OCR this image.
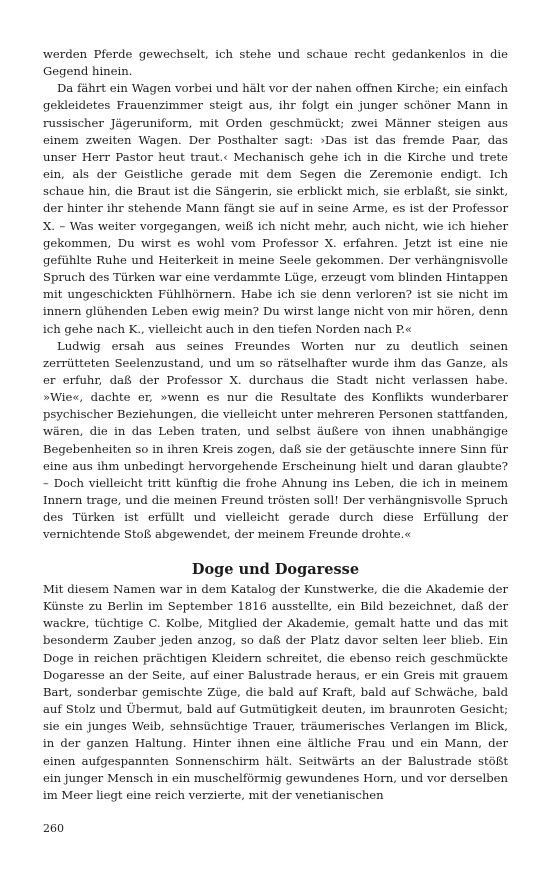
werden Pferde gewechselt, ich stehe und schaue recht gedankenlos in die Gegend hinein.

Da fährt ein Wagen vorbei und hält vor der nahen offnen Kirche; ein einfach gekleidetes Frauenzimmer steigt aus, ihr folgt ein junger schöner Mann in russischer Jägeruniform, mit Orden geschmückt; zwei Männer steigen aus einem zweiten Wagen. Der Posthalter sagt: ›Das ist das fremde Paar, das unser Herr Pastor heut traut.‹ Mechanisch gehe ich in die Kirche und trete ein, als der Geistliche gerade mit dem Segen die Zeremonie endigt. Ich schaue hin, die Braut ist die Sängerin, sie erblickt mich, sie erblaßt, sie sinkt, der hinter ihr stehende Mann fängt sie auf in seine Arme, es ist der Professor X. – Was weiter vorgegangen, weiß ich nicht mehr, auch nicht, wie ich hieher gekommen, Du wirst es wohl vom Professor X. erfahren. Jetzt ist eine nie gefühlte Ruhe und Heiterkeit in meine Seele gekommen. Der verhängnisvolle Spruch des Türken war eine verdammte Lüge, erzeugt vom blinden Hintappen mit ungeschickten Fühlhörnern. Habe ich sie denn verloren? ist sie nicht im innern glühenden Leben ewig mein? Du wirst lange nicht von mir hören, denn ich gehe nach K., vielleicht auch in den tiefen Norden nach P.«

Ludwig ersah aus seines Freundes Worten nur zu deutlich seinen zerrütteten Seelenzustand, und um so rätselhafter wurde ihm das Ganze, als er erfuhr, daß der Professor X. durchaus die Stadt nicht verlassen habe. »Wie«, dachte er, »wenn es nur die Resultate des Konflikts wunderbarer psychischer Beziehungen, die vielleicht unter mehreren Personen stattfanden, wären, die in das Leben traten, und selbst äußere von ihnen unabhängige Begebenheiten so in ihren Kreis zogen, daß sie der getäuschte innere Sinn für eine aus ihm unbedingt hervorgehende Erscheinung hielt und daran glaubte? – Doch vielleicht tritt künftig die frohe Ahnung ins Leben, die ich in meinem Innern trage, und die meinen Freund trösten soll! Der verhängnisvolle Spruch des Türken ist erfüllt und vielleicht gerade durch diese Erfüllung der vernichtende Stoß abgewendet, der meinem Freunde drohte.«

Doge und Dogaresse

Mit diesem Namen war in dem Katalog der Kunstwerke, die die Akademie der Künste zu Berlin im September 1816 ausstellte, ein Bild bezeichnet, daß der wackre, tüchtige C. Kolbe, Mitglied der Akademie, gemalt hatte und das mit besonderm Zauber jeden anzog, so daß der Platz davor selten leer blieb. Ein Doge in reichen prächtigen Kleidern schreitet, die ebenso reich geschmückte Dogaresse an der Seite, auf einer Balustrade heraus, er ein Greis mit grauem Bart, sonderbar gemischte Züge, die bald auf Kraft, bald auf Schwäche, bald auf Stolz und Übermut, bald auf Gutmütigkeit deuten, im braunroten Gesicht; sie ein junges Weib, sehnsüchtige Trauer, träumerisches Verlangen im Blick, in der ganzen Haltung. Hinter ihnen eine ältliche Frau und ein Mann, der einen aufgespannten Sonnenschirm hält. Seitwärts an der Balustrade stößt ein junger Mensch in ein muschelförmig gewundenes Horn, und vor derselben im Meer liegt eine reich verzierte, mit der venetianischen

260
